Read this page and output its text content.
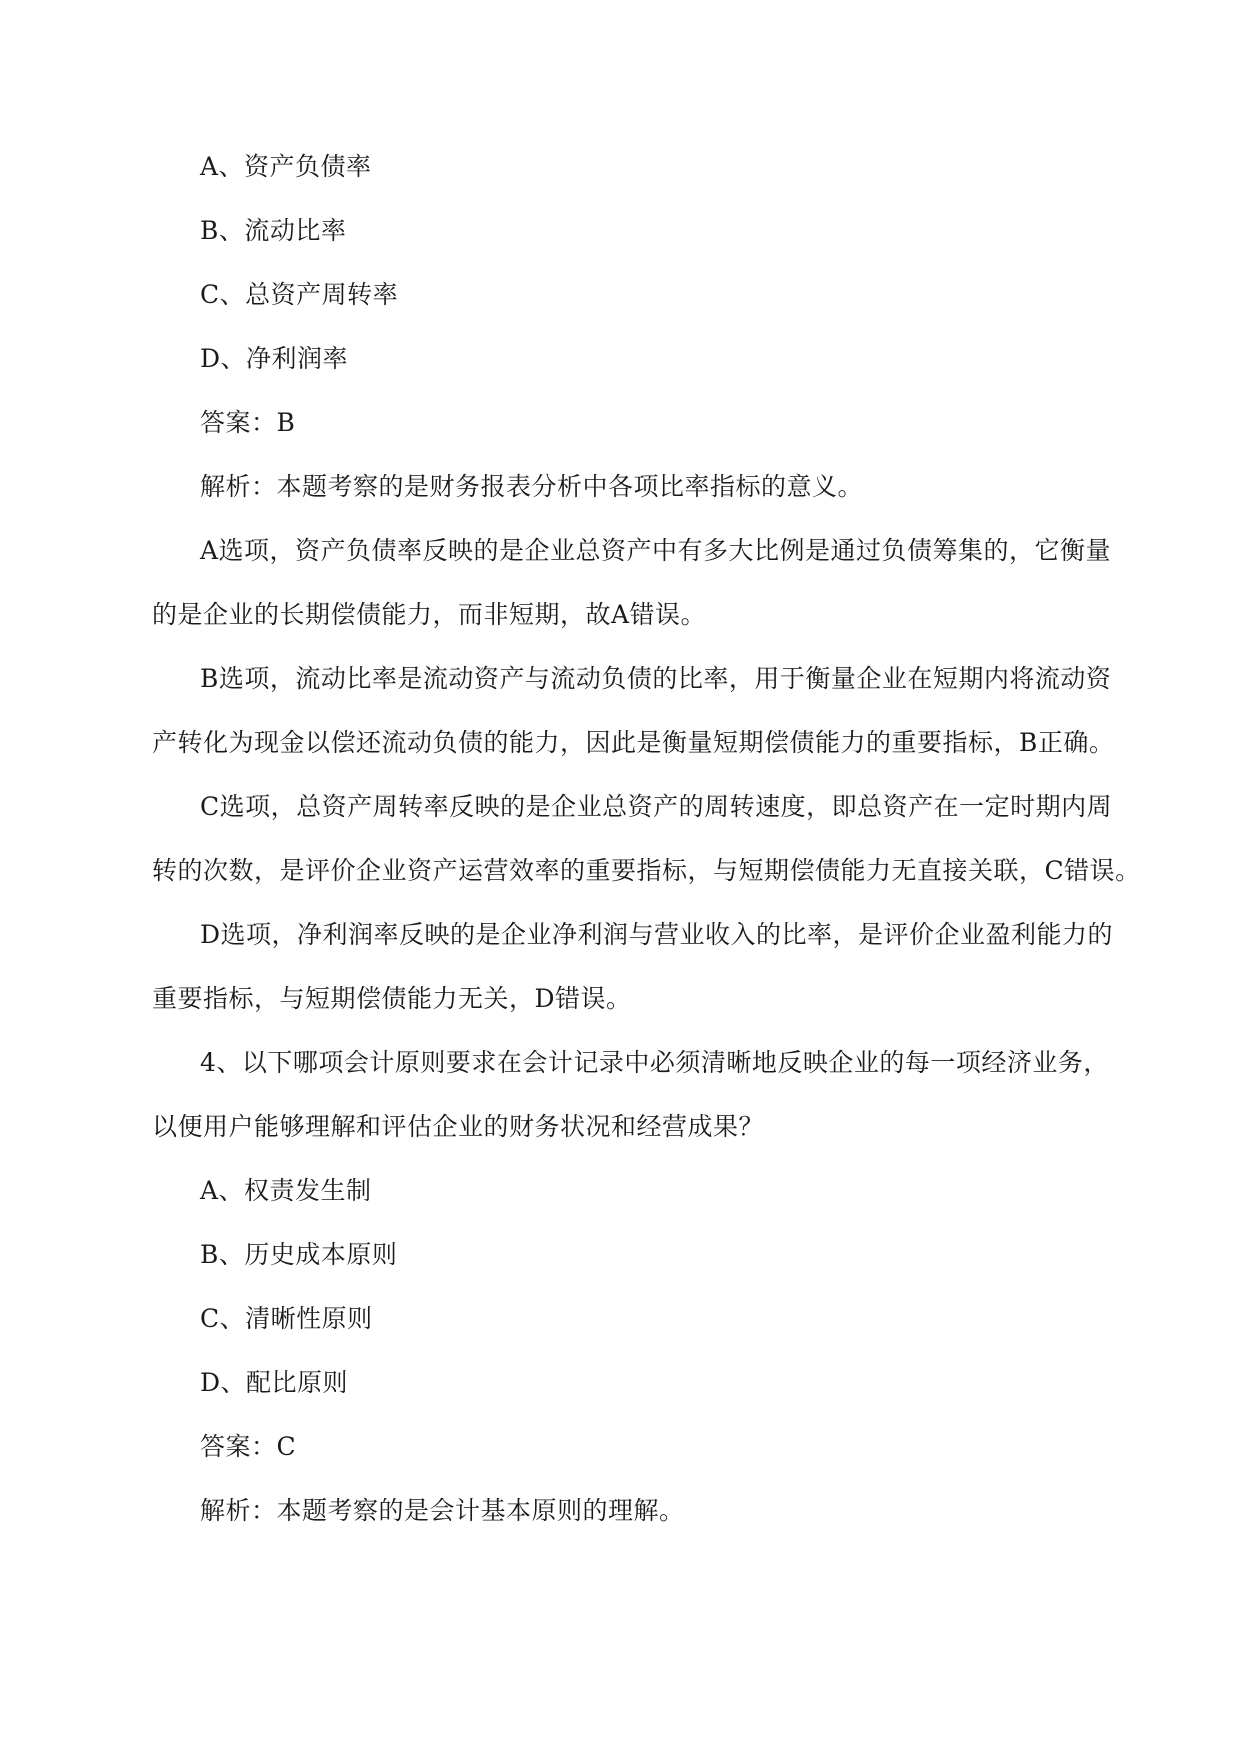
A、资产负债率
B、流动比率
C、总资产周转率
D、净利润率
答案：B
解析：本题考察的是财务报表分析中各项比率指标的意义。
A选项，资产负债率反映的是企业总资产中有多大比例是通过负债筹集的，它衡量
的是企业的长期偿债能力，而非短期，故A错误。
B选项，流动比率是流动资产与流动负债的比率，用于衡量企业在短期内将流动资
产转化为现金以偿还流动负债的能力，因此是衡量短期偿债能力的重要指标，B正确。
C选项，总资产周转率反映的是企业总资产的周转速度，即总资产在一定时期内周
转的次数，是评价企业资产运营效率的重要指标，与短期偿债能力无直接关联，C错误。
D选项，净利润率反映的是企业净利润与营业收入的比率，是评价企业盈利能力的
重要指标，与短期偿债能力无关，D错误。
4、以下哪项会计原则要求在会计记录中必须清晰地反映企业的每一项经济业务，
以便用户能够理解和评估企业的财务状况和经营成果？
A、权责发生制
B、历史成本原则
C、清晰性原则
D、配比原则
答案：C
解析：本题考察的是会计基本原则的理解。
